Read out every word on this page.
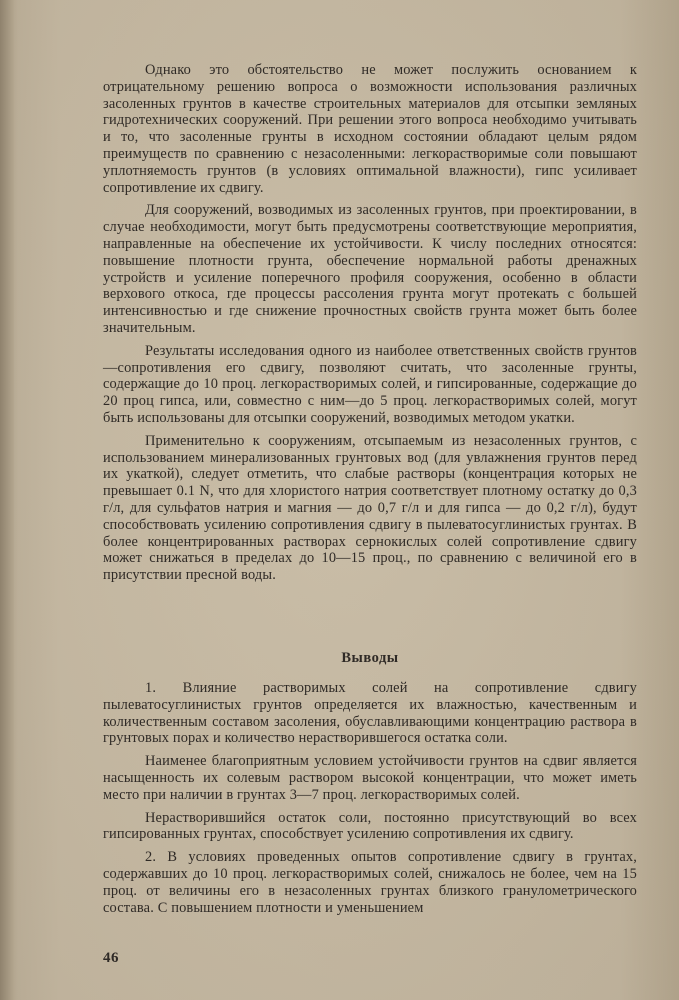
Однако это обстоятельство не может послужить основанием к отрицательному решению вопроса о возможности использования различных засоленных грунтов в качестве строительных материалов для отсыпки земляных гидротехнических сооружений. При решении этого вопроса необходимо учитывать и то, что засоленные грунты в исходном состоянии обладают целым рядом преимуществ по сравнению с незасоленными: легкорастворимые соли повышают уплотняемость грунтов (в условиях оптимальной влажности), гипс усиливает сопротивление их сдвигу.

Для сооружений, возводимых из засоленных грунтов, при проектировании, в случае необходимости, могут быть предусмотрены соответствующие мероприятия, направленные на обеспечение их устойчивости. К числу последних относятся: повышение плотности грунта, обеспечение нормальной работы дренажных устройств и усиление поперечного профиля сооружения, особенно в области верхового откоса, где процессы рассоления грунта могут протекать с большей интенсивностью и где снижение прочностных свойств грунта может быть более значительным.

Результаты исследования одного из наиболее ответственных свойств грунтов—сопротивления его сдвигу, позволяют считать, что засоленные грунты, содержащие до 10 проц. легкорастворимых солей, и гипсированные, содержащие до 20 проц гипса, или, совместно с ним—до 5 проц. легкорастворимых солей, могут быть использованы для отсыпки сооружений, возводимых методом укатки.

Применительно к сооружениям, отсыпаемым из незасоленных грунтов, с использованием минерализованных грунтовых вод (для увлажнения грунтов перед их укаткой), следует отметить, что слабые растворы (концентрация которых не превышает 0.1 N, что для хлористого натрия соответствует плотному остатку до 0,3 г/л, для сульфатов натрия и магния — до 0,7 г/л и для гипса — до 0,2 г/л), будут способствовать усилению сопротивления сдвигу в пылеватосуглинистых грунтах. В более концентрированных растворах сернокислых солей сопротивление сдвигу может снижаться в пределах до 10—15 проц., по сравнению с величиной его в присутствии пресной воды.

Выводы

1. Влияние растворимых солей на сопротивление сдвигу пылеватосуглинистых грунтов определяется их влажностью, качественным и количественным составом засоления, обуславливающими концентрацию раствора в грунтовых порах и количество нерастворившегося остатка соли.

Наименее благоприятным условием устойчивости грунтов на сдвиг является насыщенность их солевым раствором высокой концентрации, что может иметь место при наличии в грунтах 3—7 проц. легкорастворимых солей.

Нерастворившийся остаток соли, постоянно присутствующий во всех гипсированных грунтах, способствует усилению сопротивления их сдвигу.

2. В условиях проведенных опытов сопротивление сдвигу в грунтах, содержавших до 10 проц. легкорастворимых солей, снижалось не более, чем на 15 проц. от величины его в незасоленных грунтах близкого гранулометрического состава. С повышением плотности и уменьшением

46
